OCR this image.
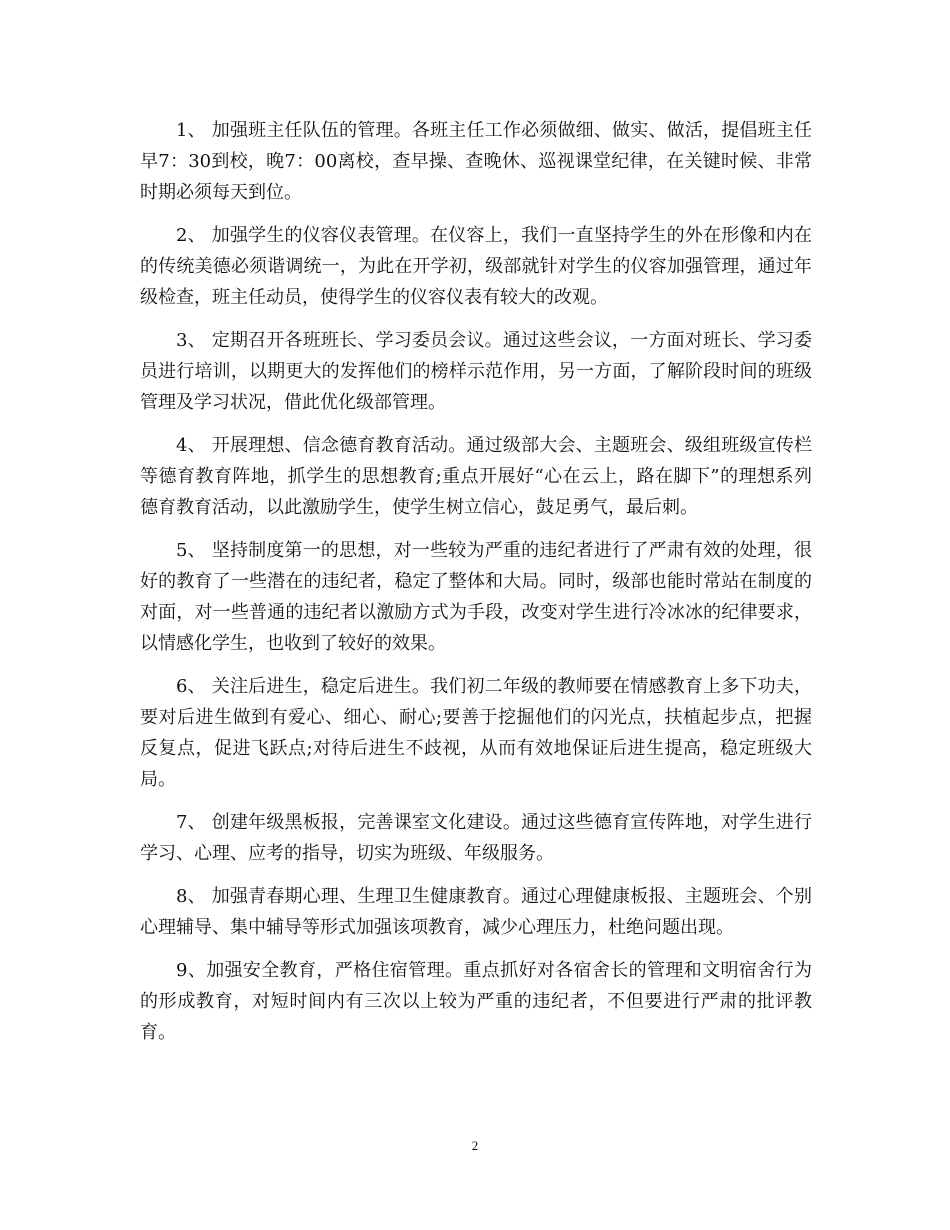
1、 加强班主任队伍的管理。各班主任工作必须做细、做实、做活，提倡班主任早7：30到校，晚7：00离校，查早操、查晚休、巡视课堂纪律，在关键时候、非常时期必须每天到位。

2、 加强学生的仪容仪表管理。在仪容上，我们一直坚持学生的外在形像和内在的传统美德必须谐调统一，为此在开学初，级部就针对学生的仪容加强管理，通过年级检查，班主任动员，使得学生的仪容仪表有较大的改观。

3、 定期召开各班班长、学习委员会议。通过这些会议，一方面对班长、学习委员进行培训，以期更大的发挥他们的榜样示范作用，另一方面，了解阶段时间的班级管理及学习状况，借此优化级部管理。

4、 开展理想、信念德育教育活动。通过级部大会、主题班会、级组班级宣传栏等德育教育阵地，抓学生的思想教育;重点开展好“心在云上，路在脚下”的理想系列德育教育活动，以此激励学生，使学生树立信心，鼓足勇气，最后刺。

5、 坚持制度第一的思想，对一些较为严重的违纪者进行了严肃有效的处理，很好的教育了一些潜在的违纪者，稳定了整体和大局。同时，级部也能时常站在制度的对面，对一些普通的违纪者以激励方式为手段，改变对学生进行冷冰冰的纪律要求，以情感化学生，也收到了较好的效果。

6、 关注后进生，稳定后进生。我们初二年级的教师要在情感教育上多下功夫，要对后进生做到有爱心、细心、耐心;要善于挖掘他们的闪光点，扶植起步点，把握反复点，促进飞跃点;对待后进生不歧视，从而有效地保证后进生提高，稳定班级大局。

7、 创建年级黑板报，完善课室文化建设。通过这些德育宣传阵地，对学生进行学习、心理、应考的指导，切实为班级、年级服务。

8、 加强青春期心理、生理卫生健康教育。通过心理健康板报、主题班会、个别心理辅导、集中辅导等形式加强该项教育，减少心理压力，杜绝问题出现。

9、加强安全教育，严格住宿管理。重点抓好对各宿舍长的管理和文明宿舍行为的形成教育，对短时间内有三次以上较为严重的违纪者，不但要进行严肃的批评教育。

2
